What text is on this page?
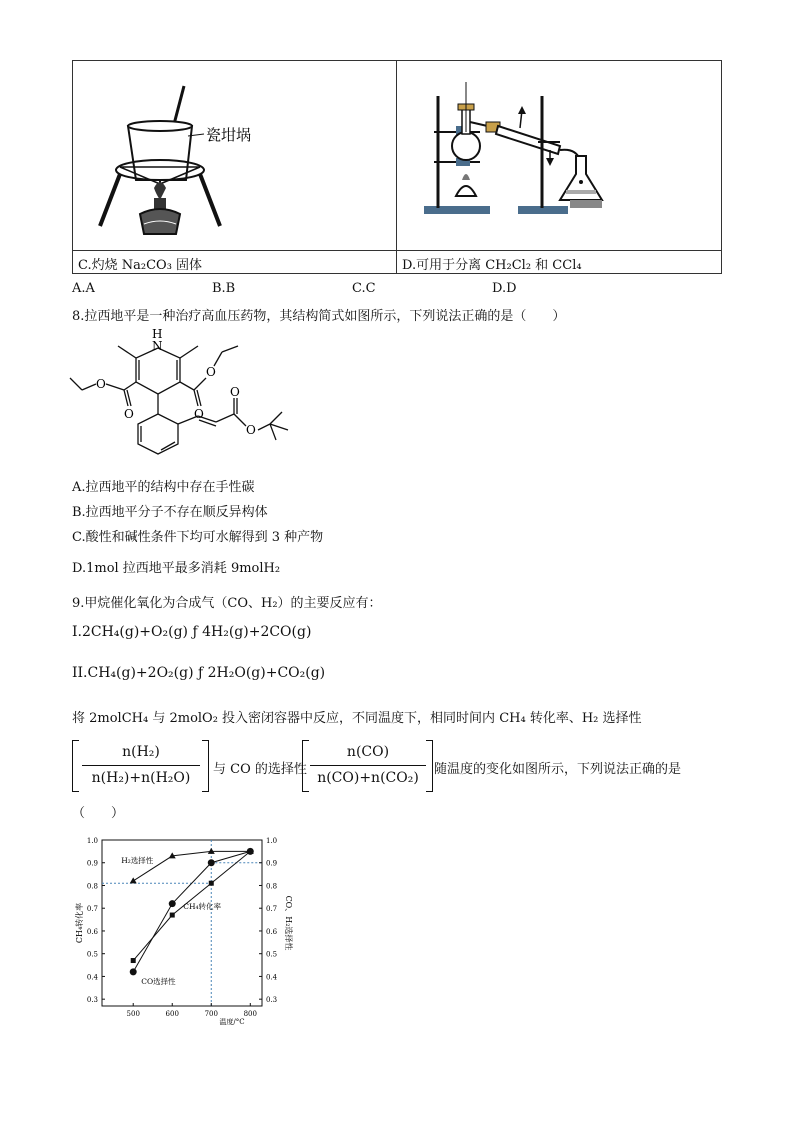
瓷坩埚
C.灼烧 Na₂CO₃ 固体	D.可用于分离 CH₂Cl₂ 和 CCl₄
A.A	B.B	C.C	D.D
8.拉西地平是一种治疗高血压药物，其结构简式如图所示，下列说法正确的是（　　）
H
N
O
O	O
O
O
O
A.拉西地平的结构中存在手性碳
B.拉西地平分子不存在顺反异构体
C.酸性和碱性条件下均可水解得到 3 种产物
D.1mol 拉西地平最多消耗 9molH₂
9.甲烷催化氧化为合成气（CO、H₂）的主要反应有：
I.2CH₄(g)+O₂(g) ƒ 4H₂(g)+2CO(g)
II.CH₄(g)+2O₂(g) ƒ 2H₂O(g)+CO₂(g)
将 2molCH₄ 与 2molO₂ 投入密闭容器中反应，不同温度下，相同时间内 CH₄ 转化率、H₂ 选择性
n(H₂)
n(H₂)+n(H₂O)
与 CO 的选择性
n(CO)
n(CO)+n(CO₂)
随温度的变化如图所示，下列说法正确的是
（　　）
0.3	0.3
0.4	0.4
0.5	0.5
0.6	0.6
0.7	0.7
0.8	0.8
0.9	0.9
1.0	1.0
500	600	700	800
温度/°C
CH₄转化率	CO、H₂选择性
H₂选择性
CH₄转化率
CO选择性
